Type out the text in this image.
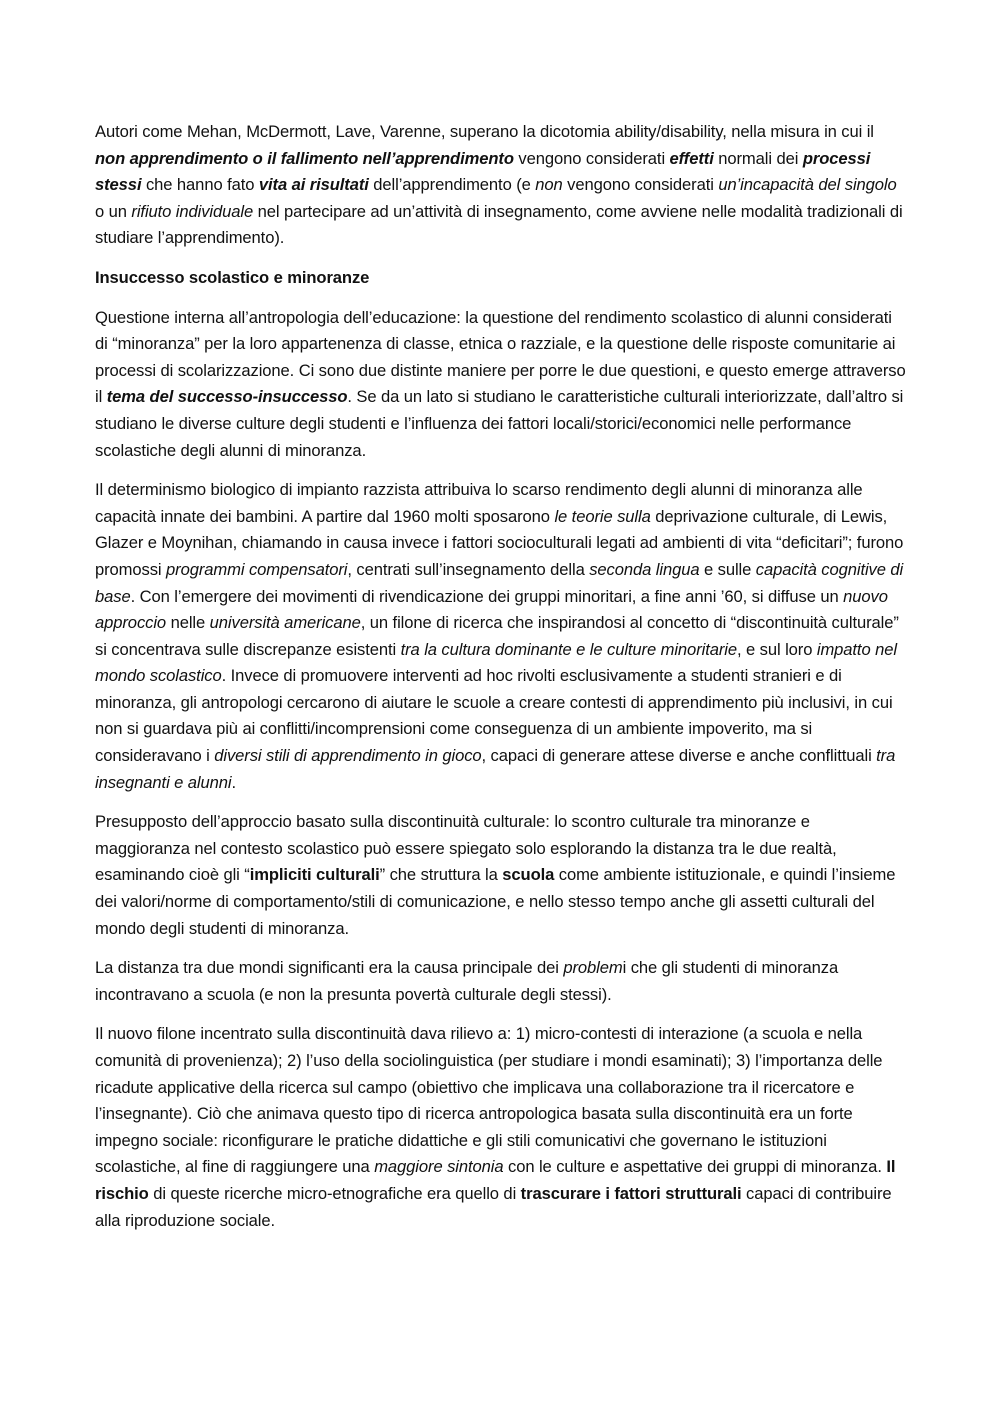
Autori come Mehan, McDermott, Lave, Varenne, superano la dicotomia ability/disability, nella misura in cui il non apprendimento o il fallimento nell’apprendimento vengono considerati effetti normali dei processi stessi che hanno fato vita ai risultati dell’apprendimento (e non vengono considerati un’incapacità del singolo o un rifiuto individuale nel partecipare ad un’attività di insegnamento, come avviene nelle modalità tradizionali di studiare l’apprendimento).

Insuccesso scolastico e minoranze

Questione interna all’antropologia dell’educazione: la questione del rendimento scolastico di alunni considerati di “minoranza” per la loro appartenenza di classe, etnica o razziale, e la questione delle risposte comunitarie ai processi di scolarizzazione. Ci sono due distinte maniere per porre le due questioni, e questo emerge attraverso il tema del successo-insuccesso. Se da un lato si studiano le caratteristiche culturali interiorizzate, dall’altro si studiano le diverse culture degli studenti e l’influenza dei fattori locali/storici/economici nelle performance scolastiche degli alunni di minoranza.

Il determinismo biologico di impianto razzista attribuiva lo scarso rendimento degli alunni di minoranza alle capacità innate dei bambini. A partire dal 1960 molti sposarono le teorie sulla deprivazione culturale, di Lewis, Glazer e Moynihan, chiamando in causa invece i fattori socioculturali legati ad ambienti di vita “deficitari”; furono promossi programmi compensatori, centrati sull’insegnamento della seconda lingua e sulle capacità cognitive di base. Con l’emergere dei movimenti di rivendicazione dei gruppi minoritari, a fine anni ’60, si diffuse un nuovo approccio nelle università americane, un filone di ricerca che inspirandosi al concetto di “discontinuità culturale” si concentrava sulle discrepanze esistenti tra la cultura dominante e le culture minoritarie, e sul loro impatto nel mondo scolastico. Invece di promuovere interventi ad hoc rivolti esclusivamente a studenti stranieri e di minoranza, gli antropologi cercarono di aiutare le scuole a creare contesti di apprendimento più inclusivi, in cui non si guardava più ai conflitti/incomprensioni come conseguenza di un ambiente impoverito, ma si consideravano i diversi stili di apprendimento in gioco, capaci di generare attese diverse e anche conflittuali tra insegnanti e alunni.

Presupposto dell’approccio basato sulla discontinuità culturale: lo scontro culturale tra minoranze e maggioranza nel contesto scolastico può essere spiegato solo esplorando la distanza tra le due realtà, esaminando cioè gli “impliciti culturali” che struttura la scuola come ambiente istituzionale, e quindi l’insieme dei valori/norme di comportamento/stili di comunicazione, e nello stesso tempo anche gli assetti culturali del mondo degli studenti di minoranza.

La distanza tra due mondi significanti era la causa principale dei problemi che gli studenti di minoranza incontravano a scuola (e non la presunta povertà culturale degli stessi).

Il nuovo filone incentrato sulla discontinuità dava rilievo a: 1) micro-contesti di interazione (a scuola e nella comunità di provenienza); 2) l’uso della sociolinguistica (per studiare i mondi esaminati); 3) l’importanza delle ricadute applicative della ricerca sul campo (obiettivo che implicava una collaborazione tra il ricercatore e l’insegnante). Ciò che animava questo tipo di ricerca antropologica basata sulla discontinuità era un forte impegno sociale: riconfigurare le pratiche didattiche e gli stili comunicativi che governano le istituzioni scolastiche, al fine di raggiungere una maggiore sintonia con le culture e aspettative dei gruppi di minoranza. Il rischio di queste ricerche micro-etnografiche era quello di trascurare i fattori strutturali capaci di contribuire alla riproduzione sociale.
